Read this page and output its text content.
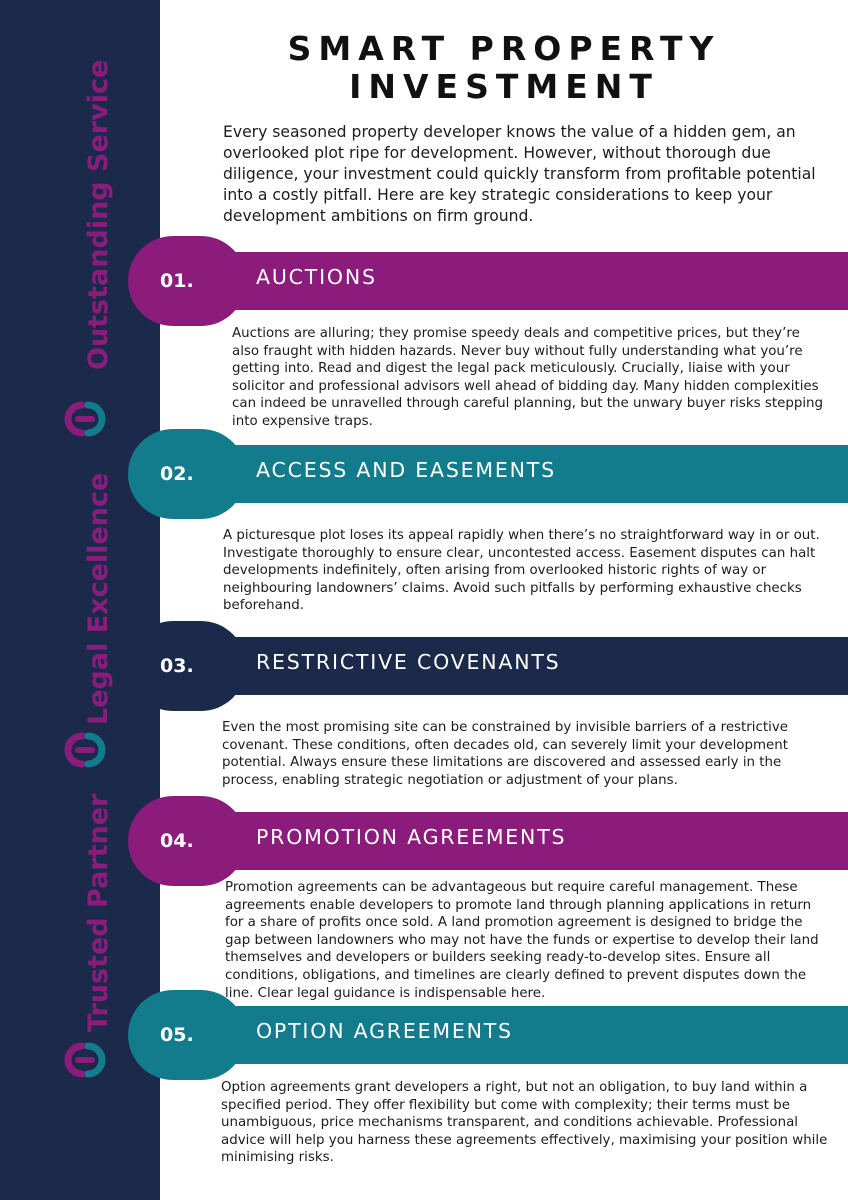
Outstanding Service
Legal Excellence
Trusted Partner
SMART PROPERTY
INVESTMENT
Every seasoned property developer knows the value of a hidden gem, an overlooked plot ripe for development. However, without thorough due diligence, your investment could quickly transform from profitable potential into a costly pitfall. Here are key strategic considerations to keep your development ambitions on firm ground.
01.	AUCTIONS
Auctions are alluring; they promise speedy deals and competitive prices, but they’re also fraught with hidden hazards. Never buy without fully understanding what you’re getting into. Read and digest the legal pack meticulously. Crucially, liaise with your solicitor and professional advisors well ahead of bidding day. Many hidden complexities can indeed be unravelled through careful planning, but the unwary buyer risks stepping into expensive traps.
02.	ACCESS AND EASEMENTS
A picturesque plot loses its appeal rapidly when there’s no straightforward way in or out. Investigate thoroughly to ensure clear, uncontested access. Easement disputes can halt developments indefinitely, often arising from overlooked historic rights of way or neighbouring landowners’ claims. Avoid such pitfalls by performing exhaustive checks beforehand.
03.	RESTRICTIVE COVENANTS
Even the most promising site can be constrained by invisible barriers of a restrictive covenant. These conditions, often decades old, can severely limit your development potential. Always ensure these limitations are discovered and assessed early in the process, enabling strategic negotiation or adjustment of your plans.
04.	PROMOTION AGREEMENTS
Promotion agreements can be advantageous but require careful management. These agreements enable developers to promote land through planning applications in return for a share of profits once sold. A land promotion agreement is designed to bridge the gap between landowners who may not have the funds or expertise to develop their land themselves and developers or builders seeking ready-to-develop sites. Ensure all conditions, obligations, and timelines are clearly defined to prevent disputes down the line. Clear legal guidance is indispensable here.
05.	OPTION AGREEMENTS
Option agreements grant developers a right, but not an obligation, to buy land within a specified period. They offer flexibility but come with complexity; their terms must be unambiguous, price mechanisms transparent, and conditions achievable. Professional advice will help you harness these agreements effectively, maximising your position while minimising risks.
